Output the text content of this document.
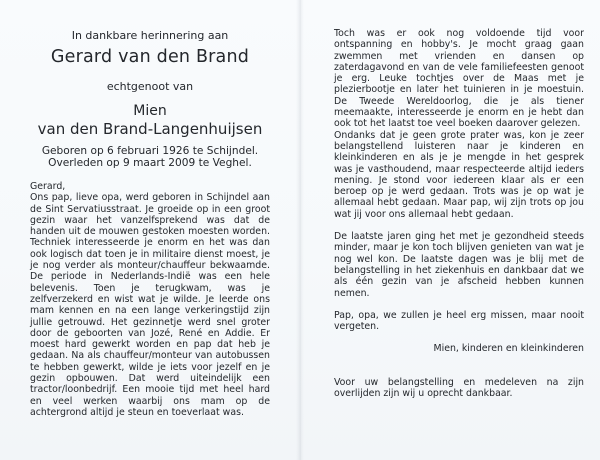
In dankbare herinnering aan
Gerard van den Brand
echtgenoot van
Mien
van den Brand-Langenhuijsen
Geboren op 6 februari 1926 te Schijndel.
Overleden op 9 maart 2009 te Veghel.
Gerard,

Ons pap, lieve opa, werd geboren in Schijndel aan de Sint Servatiusstraat. Je groeide op in een groot gezin waar het vanzelfsprekend was dat de handen uit de mouwen gestoken moesten worden. Techniek interesseerde je enorm en het was dan ook logisch dat toen je in militaire dienst moest, je je nog verder als monteur/chauffeur bekwaamde. De periode in Nederlands-Indië was een hele belevenis. Toen je terugkwam, was je zelfverzekerd en wist wat je wilde. Je leerde ons mam kennen en na een lange verkeringstijd zijn jullie getrouwd. Het gezinnetje werd snel groter door de geboorten van Jozé, René en Addie. Er moest hard gewerkt worden en pap dat heb je gedaan. Na als chauffeur/monteur van autobussen te hebben gewerkt, wilde je iets voor jezelf en je gezin opbouwen. Dat werd uiteindelijk een tractor/loonbedrijf. Een mooie tijd met heel hard en veel werken waarbij ons mam op de achtergrond altijd je steun en toeverlaat was.

Toch was er ook nog voldoende tijd voor ontspanning en hobby's. Je mocht graag gaan zwemmen met vrienden en dansen op zaterdagavond en van de vele familiefeesten genoot je erg. Leuke tochtjes over de Maas met je plezierbootje en later het tuinieren in je moestuin. De Tweede Wereldoorlog, die je als tiener meemaakte, interesseerde je enorm en je hebt dan ook tot het laatst toe veel boeken daarover gelezen.

Ondanks dat je geen grote prater was, kon je zeer belangstellend luisteren naar je kinderen en kleinkinderen en als je je mengde in het gesprek was je vasthoudend, maar respecteerde altijd ieders mening. Je stond voor iedereen klaar als er een beroep op je werd gedaan. Trots was je op wat je allemaal hebt gedaan. Maar pap, wij zijn trots op jou wat jij voor ons allemaal hebt gedaan.

De laatste jaren ging het met je gezondheid steeds minder, maar je kon toch blijven genieten van wat je nog wel kon. De laatste dagen was je blij met de belangstelling in het ziekenhuis en dankbaar dat we als één gezin van je afscheid hebben kunnen nemen.

Pap, opa, we zullen je heel erg missen, maar nooit vergeten.

Mien, kinderen en kleinkinderen

Voor uw belangstelling en medeleven na zijn overlijden zijn wij u oprecht dankbaar.
